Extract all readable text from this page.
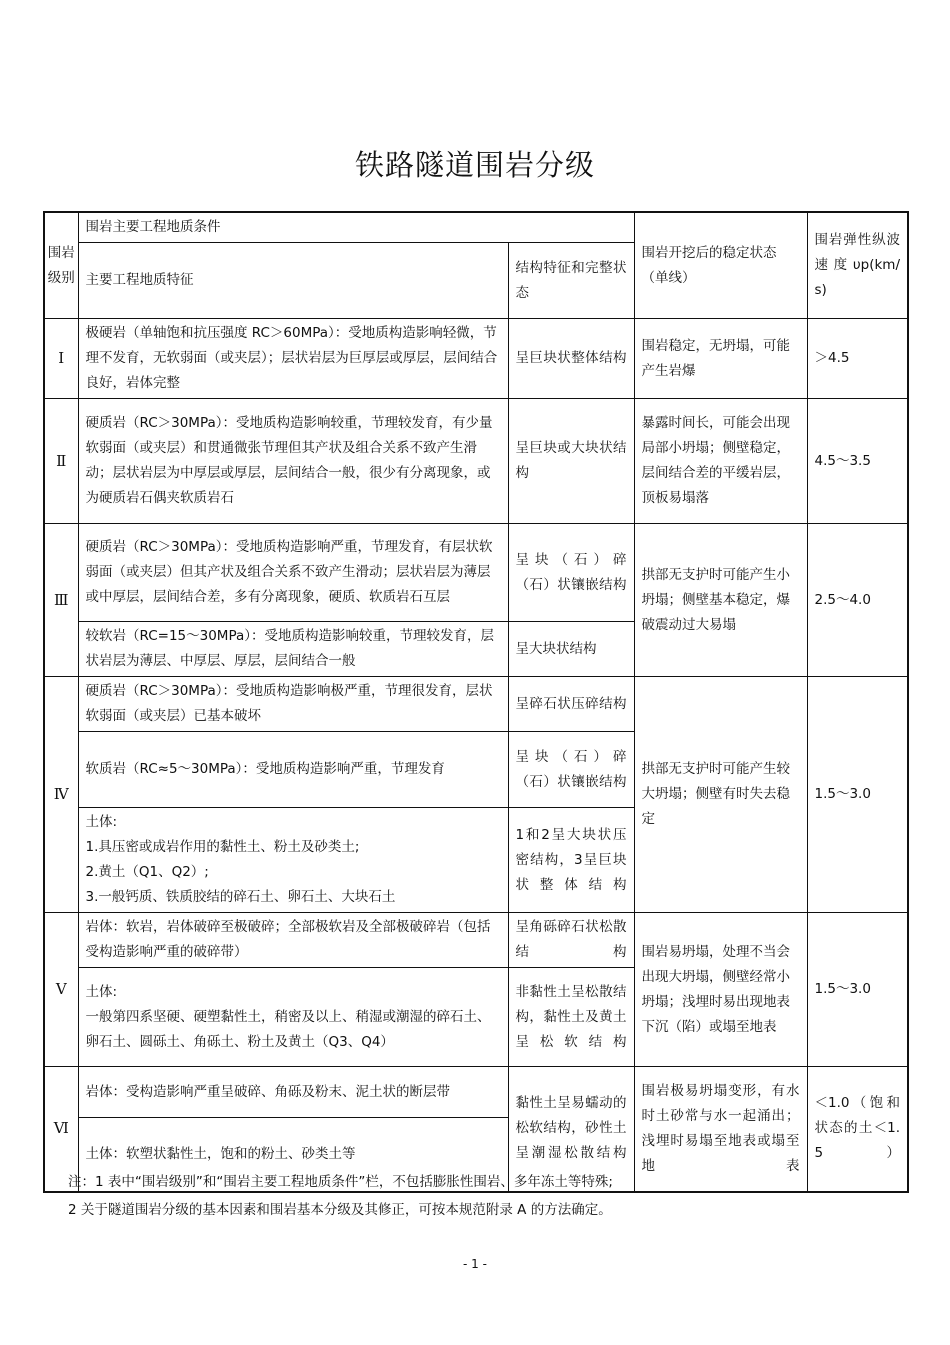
铁路隧道围岩分级
围岩级别	围岩主要工程地质条件		围岩开挖后的稳定状态（单线）	围岩弹性纵波速度υp(km/s)
	主要工程地质特征	结构特征和完整状态		
Ⅰ	极硬岩（单轴饱和抗压强度 RC＞60MPa）：受地质构造影响轻微，节理不发育，无软弱面（或夹层）；层状岩层为巨厚层或厚层，层间结合良好，岩体完整	呈巨块状整体结构	围岩稳定，无坍塌，可能产生岩爆	＞4.5
Ⅱ	硬质岩（RC＞30MPa）：受地质构造影响较重，节理较发育，有少量软弱面（或夹层）和贯通微张节理但其产状及组合关系不致产生滑动；层状岩层为中厚层或厚层，层间结合一般，很少有分离现象，或为硬质岩石偶夹软质岩石	呈巨块或大块状结构	暴露时间长，可能会出现局部小坍塌；侧壁稳定，层间结合差的平缓岩层，顶板易塌落	4.5～3.5
Ⅲ	硬质岩（RC＞30MPa）：受地质构造影响严重，节理发育，有层状软弱面（或夹层）但其产状及组合关系不致产生滑动；层状岩层为薄层或中厚层，层间结合差，多有分离现象，硬质、软质岩石互层	呈块（石）碎（石）状镶嵌结构	拱部无支护时可能产生小坍塌；侧壁基本稳定，爆破震动过大易塌	2.5～4.0
	较软岩（RC=15～30MPa）：受地质构造影响较重，节理较发育，层状岩层为薄层、中厚层、厚层，层间结合一般	呈大块状结构		
Ⅳ	硬质岩（RC＞30MPa）：受地质构造影响极严重，节理很发育，层状软弱面（或夹层）已基本破坏	呈碎石状压碎结构	拱部无支护时可能产生较大坍塌；侧壁有时失去稳定	1.5～3.0
	软质岩（RC≈5～30MPa）：受地质构造影响严重，节理发育	呈块（石）碎（石）状镶嵌结构		

	土体:
1.具压密或成岩作用的黏性土、粉土及砂类土;
2.黄土（Q1、Q2）;
3.一般钙质、铁质胶结的碎石土、卵石土、大块石土	1和2呈大块状压密结构，3呈巨块状整体结构		
Ⅴ	岩体：软岩，岩体破碎至极破碎；全部极软岩及全部极破碎岩（包括受构造影响严重的破碎带）	呈角砾碎石状松散结构	围岩易坍塌，处理不当会出现大坍塌，侧壁经常小坍塌；浅埋时易出现地表下沉（陷）或塌至地表	1.5～3.0

	土体:
一般第四系坚硬、硬塑黏性土，稍密及以上、稍湿或潮湿的碎石土、卵石土、圆砾土、角砾土、粉土及黄土（Q3、Q4）	非黏性土呈松散结构，黏性土及黄土呈松软结构		
Ⅵ	岩体：受构造影响严重呈破碎、角砾及粉末、泥土状的断层带	黏性土呈易蠕动的松软结构，砂性土呈潮湿松散结构	围岩极易坍塌变形，有水时土砂常与水一起涌出；浅埋时易塌至地表或塌至地表	＜1.0（饱和状态的土＜1.5）
	土体：软塑状黏性土，饱和的粉土、砂类土等			
注：1 表中“围岩级别”和“围岩主要工程地质条件”栏，不包括膨胀性围岩、多年冻土等特殊;
2 关于隧道围岩分级的基本因素和围岩基本分级及其修正，可按本规范附录 A 的方法确定。
- 1 -
